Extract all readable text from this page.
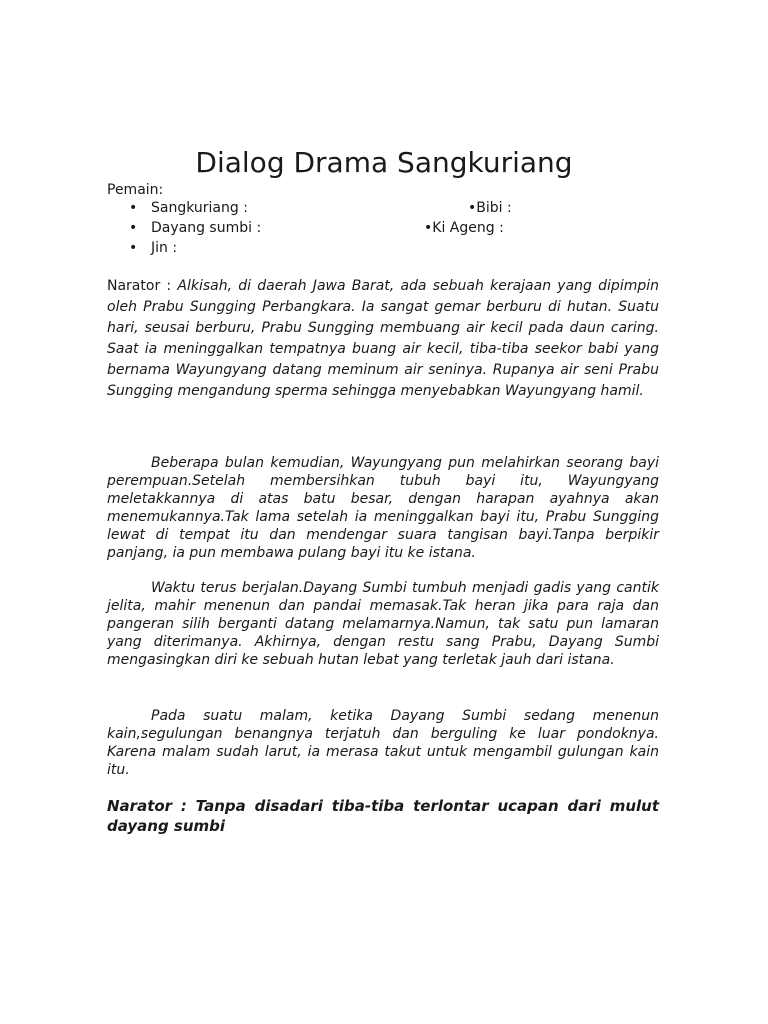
Dialog Drama Sangkuriang

Pemain:

• Sangkuriang :	•Bibi :
• Dayang sumbi :	•Ki Ageng :
• Jin :

Narator : Alkisah, di daerah Jawa Barat, ada sebuah kerajaan yang dipimpin oleh Prabu Sungging Perbangkara. Ia sangat gemar berburu di hutan. Suatu hari, seusai berburu, Prabu Sungging membuang air kecil pada daun caring. Saat ia meninggalkan tempatnya buang air kecil, tiba-tiba seekor babi yang bernama Wayungyang datang meminum air seninya. Rupanya air seni Prabu Sungging mengandung sperma sehingga menyebabkan Wayungyang hamil.

Beberapa bulan kemudian, Wayungyang pun melahirkan seorang bayi perempuan.Setelah membersihkan tubuh bayi itu, Wayungyang meletakkannya di atas batu besar, dengan harapan ayahnya akan menemukannya.Tak lama setelah ia meninggalkan bayi itu, Prabu Sungging lewat di tempat itu dan mendengar suara tangisan bayi.Tanpa berpikir panjang, ia pun membawa pulang bayi itu ke istana.

Waktu terus berjalan.Dayang Sumbi tumbuh menjadi gadis yang cantik jelita, mahir menenun dan pandai memasak.Tak heran jika para raja dan pangeran silih berganti datang melamarnya.Namun, tak satu pun lamaran yang diterimanya. Akhirnya, dengan restu sang Prabu, Dayang Sumbi mengasingkan diri ke sebuah hutan lebat yang terletak jauh dari istana.

Pada suatu malam, ketika Dayang Sumbi sedang menenun kain,segulungan benangnya terjatuh dan berguling ke luar pondoknya. Karena malam sudah larut, ia merasa takut untuk mengambil gulungan kain itu.

Narator : Tanpa disadari tiba-tiba terlontar ucapan dari mulut dayang sumbi
